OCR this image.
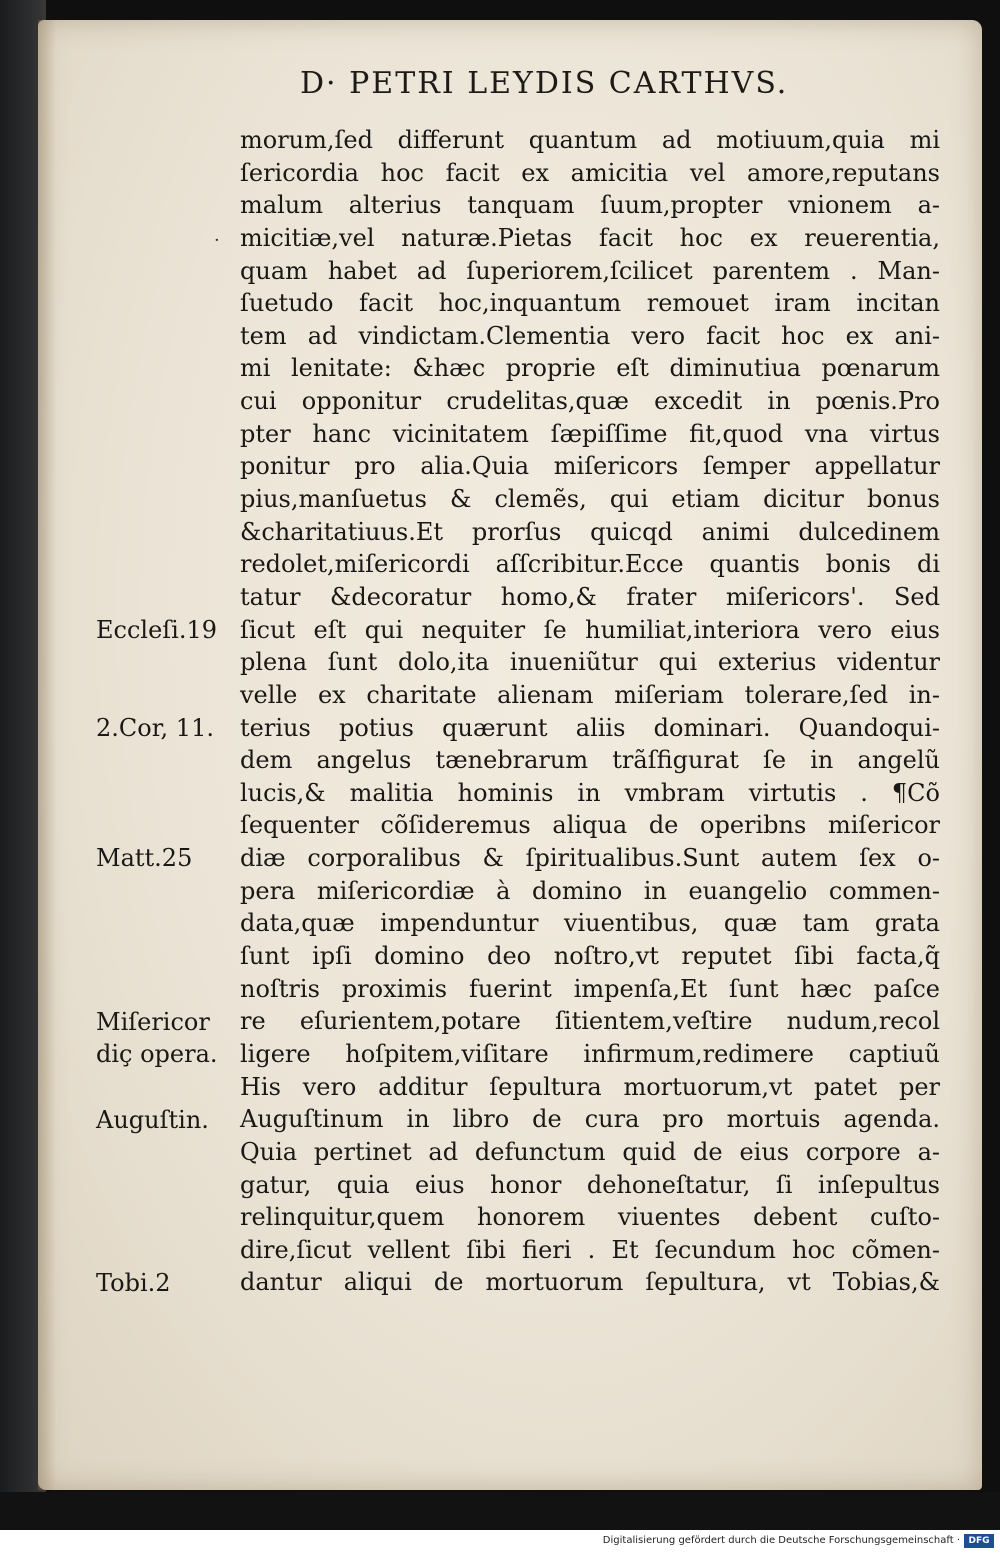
D· PETRI LEYDIS CARTHVS.
Eccleſi.19
2.Cor, 11.
Matt.25
Miſericor
diç opera.
Auguſtin.
Tobi.2
morum,ſed differunt quantum ad motiuum,quia mi
ſericordia hoc facit ex amicitia vel amore,reputans
malum alterius tanquam ſuum,propter vnionem a-
micitiæ,vel naturæ.Pietas facit hoc ex reuerentia,
quam habet ad ſuperiorem,ſcilicet parentem . Man-
ſuetudo facit hoc,inquantum remouet iram incitan
tem ad vindictam.Clementia vero facit hoc ex ani-
mi lenitate: &hæc proprie eſt diminutiua pœnarum
cui opponitur crudelitas,quæ excedit in pœnis.Pro
pter hanc vicinitatem ſæpiſſime fit,quod vna virtus
ponitur pro alia.Quia miſericors ſemper appellatur
pius,manſuetus & clemẽs, qui etiam dicitur bonus
&charitatiuus.Et prorſus quicqd animi dulcedinem
redolet,miſericordi aſſcribitur.Ecce quantis bonis di
tatur &decoratur homo,& frater miſericors'. Sed
ſicut eſt qui nequiter ſe humiliat,interiora vero eius
plena ſunt dolo,ita inueniũtur qui exterius videntur
velle ex charitate alienam miſeriam tolerare,ſed in-
terius potius quærunt aliis dominari. Quandoqui-
dem angelus tænebrarum trãſfigurat ſe in angelũ
lucis,& malitia hominis in vmbram virtutis . ¶Cõ
ſequenter cõſideremus aliqua de operibns miſericor
diæ corporalibus & ſpiritualibus.Sunt autem ſex o-
pera miſericordiæ à domino in euangelio commen-
data,quæ impenduntur viuentibus, quæ tam grata
ſunt ipſi domino deo noſtro,vt reputet ſibi facta,q̃
noſtris proximis fuerint impenſa,Et ſunt hæc paſce
re eſurientem,potare ſitientem,veſtire nudum,recol
ligere hoſpitem,viſitare infirmum,redimere captiuũ
His vero additur ſepultura mortuorum,vt patet per
Auguſtinum in libro de cura pro mortuis agenda.
Quia pertinet ad defunctum quid de eius corpore a-
gatur, quia eius honor dehoneſtatur, ſi inſepultus
relinquitur,quem honorem viuentes debent cuſto-
dire,ſicut vellent ſibi fieri . Et ſecundum hoc cõmen-
dantur aliqui de mortuorum ſepultura, vt Tobias,&
·
Digitalisierung gefördert durch die Deutsche Forschungsgemeinschaft · DFG
